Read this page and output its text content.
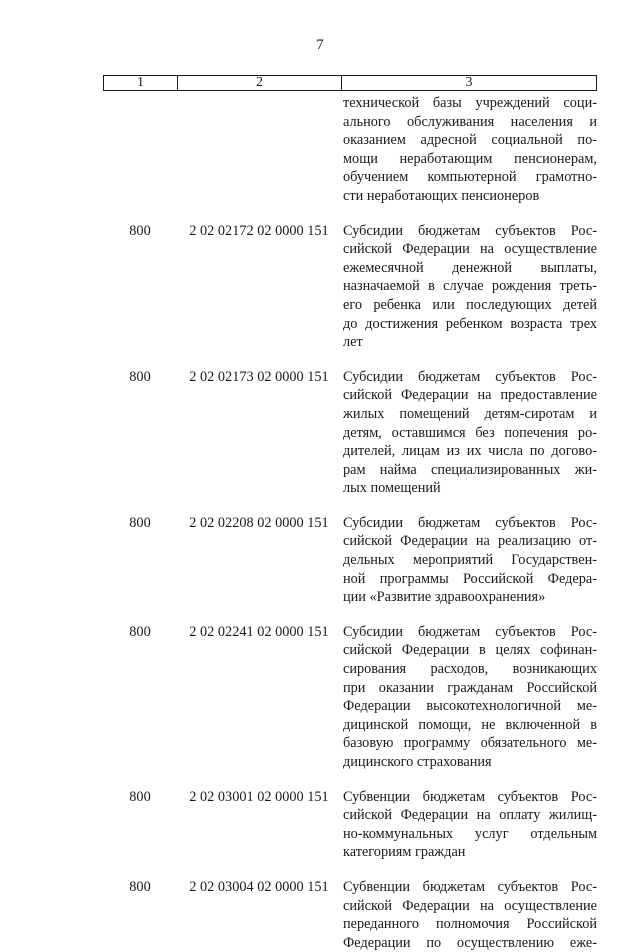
7
1	2	3
технической базы учреждений соци-
ального обслуживания населения и
оказанием адресной социальной по-
мощи неработающим пенсионерам,
обучением компьютерной грамотно-
сти неработающих пенсионеров
800	2 02 02172 02 0000 151 Субсидии бюджетам субъектов Рос-
сийской Федерации на осуществление
ежемесячной денежной выплаты,
назначаемой в случае рождения треть-
его ребенка или последующих детей
до достижения ребенком возраста трех
лет
800	2 02 02173 02 0000 151 Субсидии бюджетам субъектов Рос-
сийской Федерации на предоставление
жилых помещений детям-сиротам и
детям, оставшимся без попечения ро-
дителей, лицам из их числа по догово-
рам найма специализированных жи-
лых помещений
800	2 02 02208 02 0000 151 Субсидии бюджетам субъектов Рос-
сийской Федерации на реализацию от-
дельных мероприятий Государствен-
ной программы Российской Федера-
ции «Развитие здравоохранения»
800	2 02 02241 02 0000 151 Субсидии бюджетам субъектов Рос-
сийской Федерации в целях софинан-
сирования расходов, возникающих
при оказании гражданам Российской
Федерации высокотехнологичной ме-
дицинской помощи, не включенной в
базовую программу обязательного ме-
дицинского страхования
800	2 02 03001 02 0000 151 Субвенции бюджетам субъектов Рос-
сийской Федерации на оплату жилищ-
но-коммунальных услуг отдельным
категориям граждан
800	2 02 03004 02 0000 151 Субвенции бюджетам субъектов Рос-
сийской Федерации на осуществление
переданного полномочия Российской
Федерации по осуществлению еже-
